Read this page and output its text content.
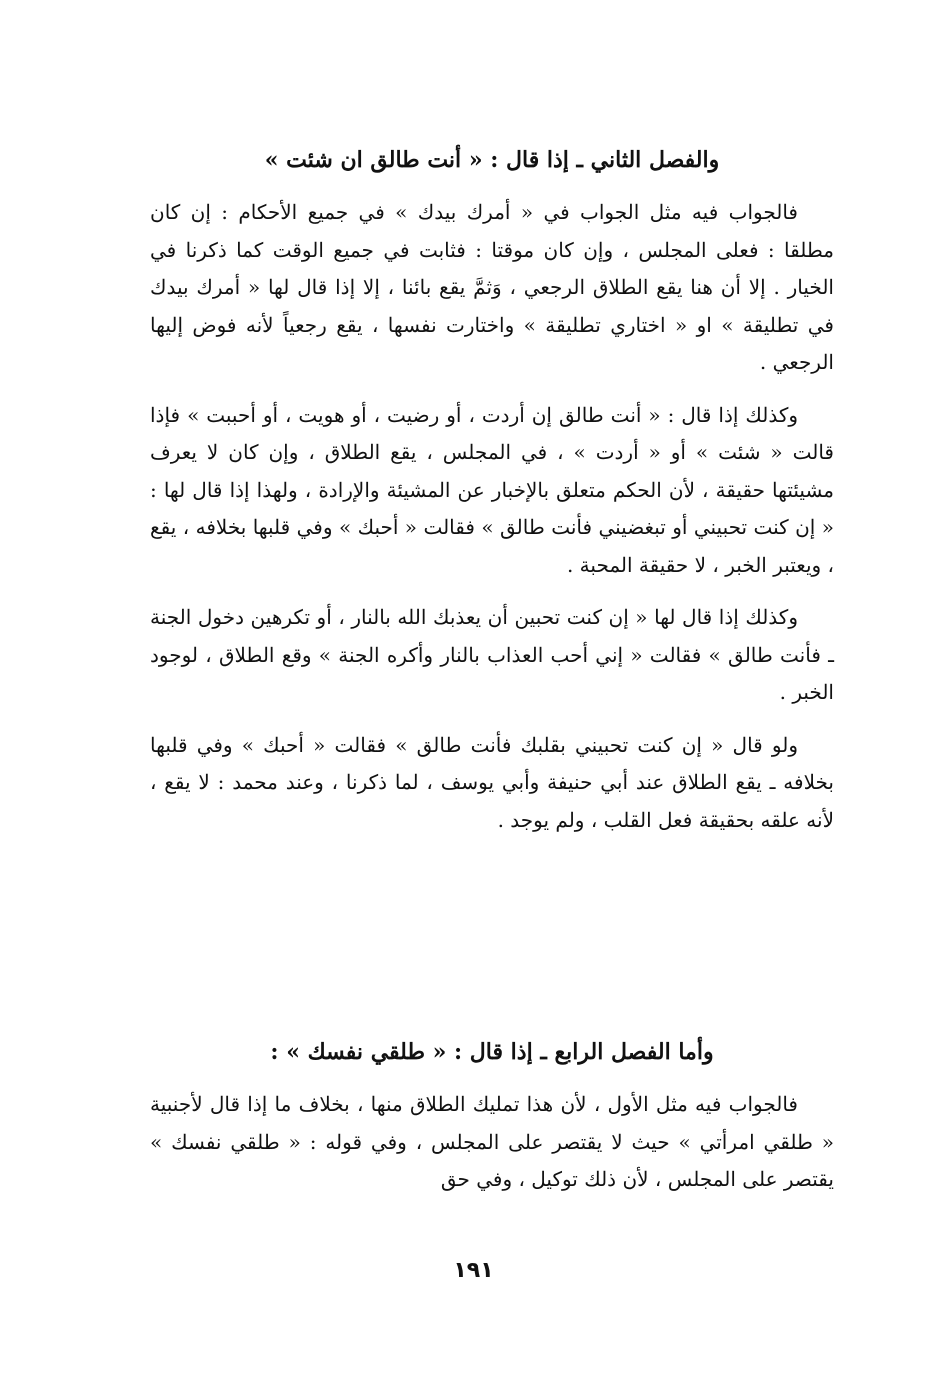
والفصل الثاني ـ إذا قال : « أنت طالق ان شئت »

فالجواب فيه مثل الجواب في « أمرك بيدك » في جميع الأحكام : إن كان مطلقا : فعلى المجلس ، وإن كان موقتا : فثابت في جميع الوقت كما ذكرنا في الخيار . إلا أن هنا يقع الطلاق الرجعي ، وَثمَّ يقع بائنا ، إلا إذا قال لها « أمرك بيدك في تطليقة » او « اختاري تطليقة » واختارت نفسها ، يقع رجعياً لأنه فوض إليها الرجعي .

وكذلك إذا قال : « أنت طالق إن أردت ، أو رضيت ، أو هويت ، أو أحببت » فإذا قالت « شئت » أو « أردت » ، في المجلس ، يقع الطلاق ، وإن كان لا يعرف مشيئتها حقيقة ، لأن الحكم متعلق بالإخبار عن المشيئة والإرادة ، ولهذا إذا قال لها : « إن كنت تحبيني أو تبغضيني فأنت طالق » فقالت « أحبك » وفي قلبها بخلافه ، يقع ، ويعتبر الخبر ، لا حقيقة المحبة .

وكذلك إذا قال لها « إن كنت تحبين أن يعذبك الله بالنار ، أو تكرهين دخول الجنة ـ فأنت طالق » فقالت « إني أحب العذاب بالنار وأكره الجنة » وقع الطلاق ، لوجود الخبر .

ولو قال « إن كنت تحبيني بقلبك فأنت طالق » فقالت « أحبك » وفي قلبها بخلافه ـ يقع الطلاق عند أبي حنيفة وأبي يوسف ، لما ذكرنا ، وعند محمد : لا يقع ، لأنه علقه بحقيقة فعل القلب ، ولم يوجد .

وأما الفصل الرابع ـ إذا قال : « طلقي نفسك » :

فالجواب فيه مثل الأول ، لأن هذا تمليك الطلاق منها ، بخلاف ما إذا قال لأجنبية « طلقي امرأتي » حيث لا يقتصر على المجلس ، وفي قوله : « طلقي نفسك » يقتصر على المجلس ، لأن ذلك توكيل ، وفي حق

١٩١
